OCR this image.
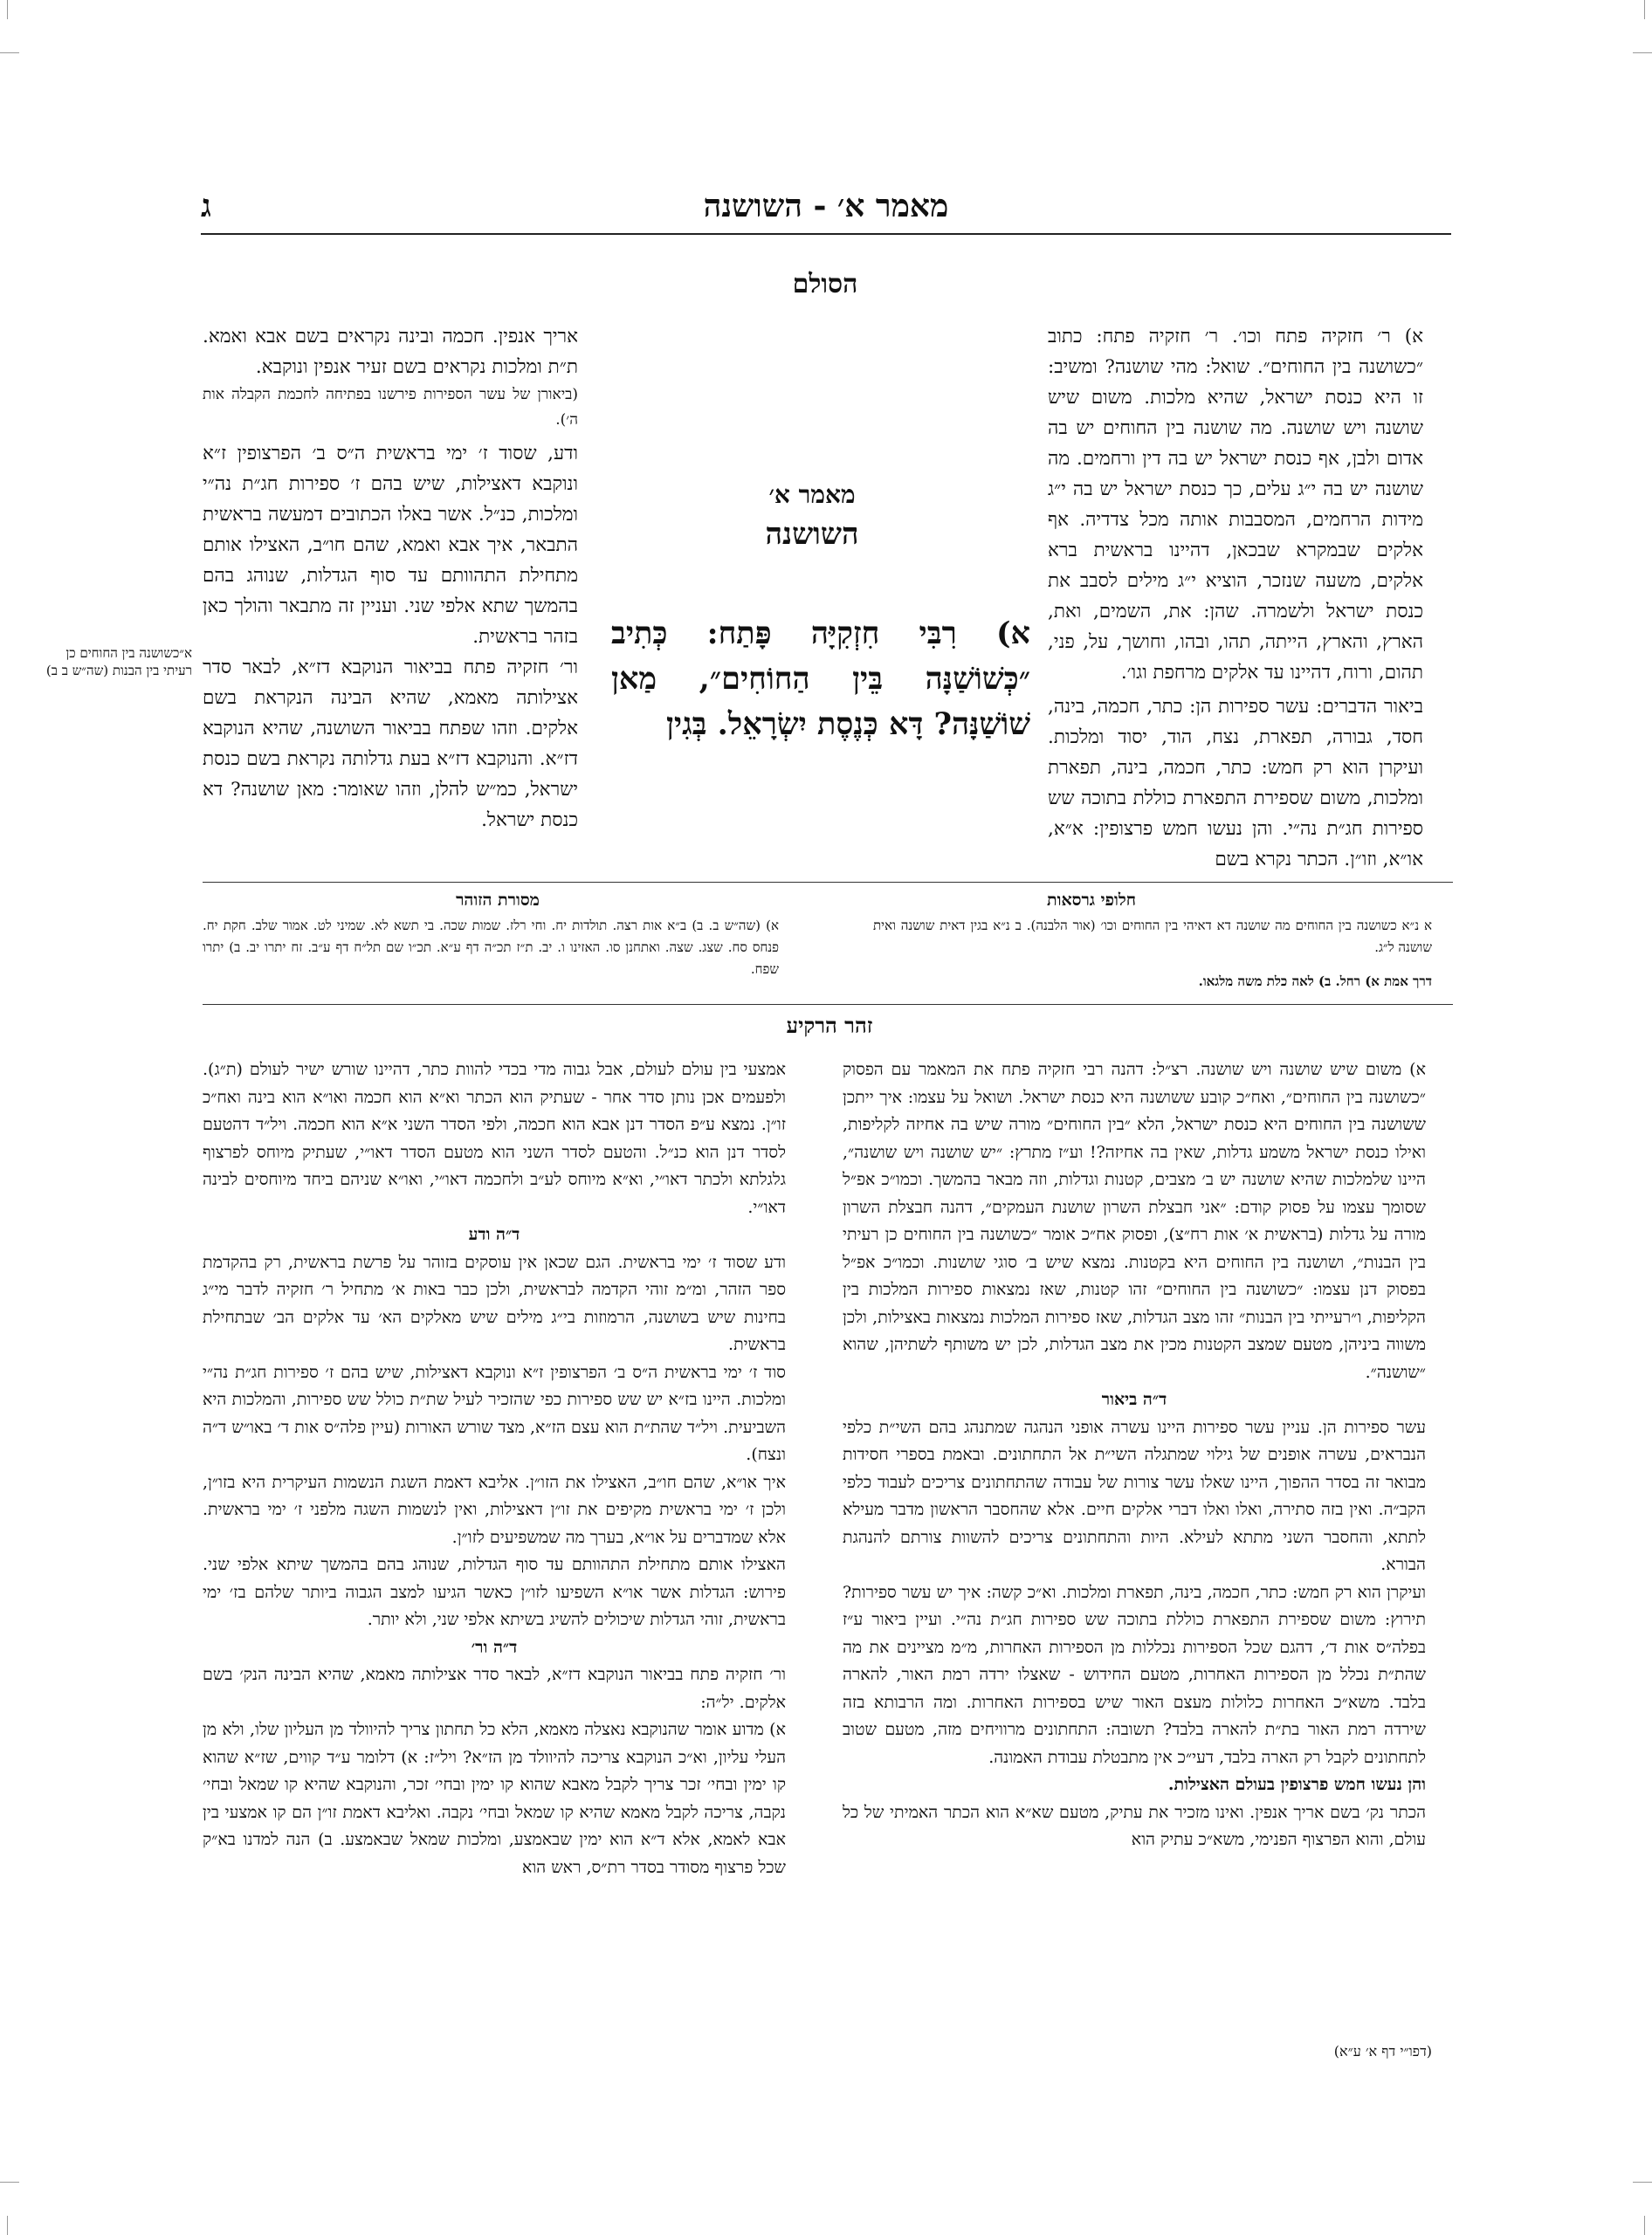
מאמר א׳ - השושנה
ג
הסולם

א) ר׳ חזקיה פתח וכו׳. ר׳ חזקיה פתח: כתוב ״כשושנה בין החוחים״. שואל: מהי שושנה? ומשיב: זו היא כנסת ישראל, שהיא מלכות. משום שיש שושנה ויש שושנה. מה שושנה בין החוחים יש בה אדום ולבן, אף כנסת ישראל יש בה דין ורחמים. מה שושנה יש בה י״ג עלים, כך כנסת ישראל יש בה י״ג מידות הרחמים, המסבבות אותה מכל צדדיה. אף אלקים שבמקרא שבכאן, דהיינו בראשית ברא אלקים, משעה שנזכר, הוציא י״ג מילים לסבב את כנסת ישראל ולשמרה. שהן: את, השמים, ואת, הארץ, והארץ, הייתה, תהו, ובהו, וחושך, על, פני, תהום, ורוח, דהיינו עד אלקים מרחפת וגו׳.

ביאור הדברים: עשר ספירות הן: כתר, חכמה, בינה, חסד, גבורה, תפארת, נצח, הוד, יסוד ומלכות. ועיקרן הוא רק חמש: כתר, חכמה, בינה, תפארת ומלכות, משום שספירת התפארת כוללת בתוכה שש ספירות חג״ת נה״י. והן נעשו חמש פרצופין: א״א, או״א, וזו״ן. הכתר נקרא בשם

אריך אנפין. חכמה ובינה נקראים בשם אבא ואמא. ת״ת ומלכות נקראים בשם זעיר אנפין ונוקבא.

(ביאורן של עשר הספירות פירשנו בפתיחה לחכמת הקבלה אות ה׳).

ודע, שסוד ז׳ ימי בראשית ה״ס ב׳ הפרצופין ז״א ונוקבא דאצילות, שיש בהם ז׳ ספירות חג״ת נה״י ומלכות, כנ״ל. אשר באלו הכתובים דמעשה בראשית התבאר, איך אבא ואמא, שהם חו״ב, האצילו אותם מתחילת התהוותם עד סוף הגדלות, שנוהג בהם בהמשך שתא אלפי שני. ועניין זה מתבאר והולך כאן בזהר בראשית.

ור׳ חזקיה פתח בביאור הנוקבא דז״א, לבאר סדר אצילותה מאמא, שהיא הבינה הנקראת בשם אלקים. וזהו שפתח בביאור השושנה, שהיא הנוקבא דז״א. והנוקבא דז״א בעת גדלותה נקראת בשם כנסת ישראל, כמ״ש להלן, וזהו שאומר: מאן שושנה? דא כנסת ישראל.

מאמר א׳
השושנה
א) רִבִּי חִזְקִיָּה פָּתַח: כְּתִיב ״כְּשׁוֹשַׁנָּה בֵּין הַחוֹחִים״, מַאן שׁוֹשַׁנָּה? דָּא כְּנֶסֶת יִשְׂרָאֵל. בְּגִין
א״כשושנה בין החוחים כן רעיתי בין הבנות (שה״ש ב ב)
חלופי גרסאות
א נ״א כשושנה בין החוחים מה שושנה דא דאיהי בין החוחים וכו׳ (אור הלבנה). ב נ״א בגין דאית שושנה ואית שושנה ל״ג.
דרך אמת א) רחל. ב) לאה כלת משה מלגאו.
מסורת הזוהר
א) (שה״ש ב. ב) ב״א אות רצה. תולדות יח. וחי רלז. שמות שכה. בי תשא לא. שמיני לט. אמור שלב. חקת יח. פנחס סח. שצג. שצה. ואתחנן סו. האזינו ו. יב. ת״ז תכ״ה דף ע״א. תכ״ו שם תל״ח דף ע״ב. זח יתרו יב. ב) יתרו שפח.
זהר הרקיע

א) משום שיש שושנה ויש שושנה. רצ״ל: דהנה רבי חזקיה פתח את המאמר עם הפסוק ״כשושנה בין החוחים״, ואח״כ קובע ששושנה היא כנסת ישראל. ושואל על עצמו: איך ייתכן ששושנה בין החוחים היא כנסת ישראל, הלא ״בין החוחים״ מורה שיש בה אחיזה לקליפות, ואילו כנסת ישראל משמע גדלות, שאין בה אחיזה?! וע״ז מתרץ: ״יש שושנה ויש שושנה״, היינו שלמלכות שהיא שושנה יש ב׳ מצבים, קטנות וגדלות, וזה מבאר בהמשך. וכמו״כ אפ״ל שסומך עצמו על פסוק קודם: ״אני חבצלת השרון שושנת העמקים״, דהנה חבצלת השרון מורה על גדלות (בראשית א׳ אות רח״צ), ופסוק אח״כ אומר ״כשושנה בין החוחים כן רעיתי בין הבנות״, ושושנה בין החוחים היא בקטנות. נמצא שיש ב׳ סוגי שושנות. וכמו״כ אפ״ל בפסוק דנן עצמו: ״כשושנה בין החוחים״ זהו קטנות, שאז נמצאות ספירות המלכות בין הקליפות, ו״רעייתי בין הבנות״ זהו מצב הגדלות, שאז ספירות המלכות נמצאות באצילות, ולכן משווה ביניהן, מטעם שמצב הקטנות מכין את מצב הגדלות, לכן יש משותף לשתיהן, שהוא ״שושנה״.

ד״ה ביאור

עשר ספירות הן. עניין עשר ספירות היינו עשרה אופני הנהגה שמתנהג בהם השי״ת כלפי הנבראים, עשרה אופנים של גילוי שמתגלה השי״ת אל התחתונים. ובאמת בספרי חסידות מבואר זה בסדר ההפוך, היינו שאלו עשר צורות של עבודה שהתחתונים צריכים לעבוד כלפי הקב״ה. ואין בזה סתירה, ואלו ואלו דברי אלקים חיים. אלא שהחסבר הראשון מדבר מעילא לתתא, והחסבר השני מתתא לעילא. היות והתחתונים צריכים להשוות צורתם להנהגת הבורא.

ועיקרן הוא רק חמש: כתר, חכמה, בינה, תפארת ומלכות. וא״כ קשה: איך יש עשר ספירות? תירוץ: משום שספירת התפארת כוללת בתוכה שש ספירות חג״ת נה״י. ועיין ביאור ע״ז בפלה״ס אות ד׳, דהגם שכל הספירות נכללות מן הספירות האחרות, מ״מ מציינים את מה שהת״ת נכלל מן הספירות האחרות, מטעם החידוש - שאצלו ירדה רמת האור, להארה בלבד. משא״כ האחרות כלולות מעצם האור שיש בספירות האחרות. ומה הרבותא בזה שירדה רמת האור בת״ת להארה בלבד? תשובה: התחתונים מרוויחים מזה, מטעם שטוב לתחתונים לקבל רק הארה בלבד, דעי״כ אין מתבטלת עבודת האמונה.

והן נעשו חמש פרצופין בעולם האצילות.

הכתר נק׳ בשם אריך אנפין. ואינו מזכיר את עתיק, מטעם שא״א הוא הכתר האמיתי של כל עולם, והוא הפרצוף הפנימי, משא״כ עתיק הוא

אמצעי בין עולם לעולם, אבל גבוה מדי בכדי להוות כתר, דהיינו שורש ישיר לעולם (ת״ג). ולפעמים אכן נותן סדר אחר - שעתיק הוא הכתר וא״א הוא חכמה ואו״א הוא בינה ואח״כ זו״ן. נמצא ע״פ הסדר דנן אבא הוא חכמה, ולפי הסדר השני א״א הוא חכמה. ויל״ד דהטעם לסדר דנן הוא כנ״ל. והטעם לסדר השני הוא מטעם הסדר דאו״י, שעתיק מיוחס לפרצוף גלגלתא ולכתר דאו״י, וא״א מיוחס לע״ב ולחכמה דאו״י, ואו״א שניהם ביחד מיוחסים לבינה דאו״י.

ד״ה ודע

ודע שסוד ז׳ ימי בראשית. הגם שכאן אין עוסקים בזוהר על פרשת בראשית, רק בהקדמת ספר הזהר, ומ״מ זוהי הקדמה לבראשית, ולכן כבר באות א׳ מתחיל ר׳ חזקיה לדבר מי״ג בחינות שיש בשושנה, הרמוזות בי״ג מילים שיש מאלקים הא׳ עד אלקים הב׳ שבתחילת בראשית.

סוד ז׳ ימי בראשית ה״ס ב׳ הפרצופין ז״א ונוקבא דאצילות, שיש בהם ז׳ ספירות חג״ת נה״י ומלכות. היינו בז״א יש שש ספירות כפי שהזכיר לעיל שת״ת כולל שש ספירות, והמלכות היא השביעית. ויל״ד שהת״ת הוא עצם הז״א, מצד שורש האורות (עיין פלה״ס אות ד׳ באו״ש ד״ה ונצח).

איך או״א, שהם חו״ב, האצילו את הזו״ן. אליבא דאמת השגת הנשמות העיקרית היא בזו״ן, ולכן ז׳ ימי בראשית מקיפים את זו״ן דאצילות, ואין לנשמות השגה מלפני ז׳ ימי בראשית. אלא שמדברים על או״א, בערך מה שמשפיעים לזו״ן.

האצילו אותם מתחילת התהוותם עד סוף הגדלות, שנוהג בהם בהמשך שיתא אלפי שני. פירוש: הגדלות אשר או״א השפיעו לזו״ן כאשר הגיעו למצב הגבוה ביותר שלהם בז׳ ימי בראשית, זוהי הגדלות שיכולים להשיג בשיתא אלפי שני, ולא יותר.

ד״ה ור׳

ור׳ חזקיה פתח בביאור הנוקבא דז״א, לבאר סדר אצילותה מאמא, שהיא הבינה הנק׳ בשם אלקים. יל״ה:

א) מדוע אומר שהנוקבא נאצלה מאמא, הלא כל תחתון צריך להיוולד מן העליון שלו, ולא מן העלי עליון, וא״כ הנוקבא צריכה להיוולד מן הז״א? ויל״ז: א) דלומר ע״ד קווים, שז״א שהוא קו ימין ובחי׳ זכר צריך לקבל מאבא שהוא קו ימין ובחי׳ זכר, והנוקבא שהיא קו שמאל ובחי׳ נקבה, צריכה לקבל מאמא שהיא קו שמאל ובחי׳ נקבה. ואליבא דאמת זו״ן הם קו אמצעי בין אבא לאמא, אלא ד״א הוא ימין שבאמצע, ומלכות שמאל שבאמצע. ב) הנה למדנו בא״ק שכל פרצוף מסודר בסדר רת״ס, ראש הוא

(דפו״י דף א׳ ע״א)
